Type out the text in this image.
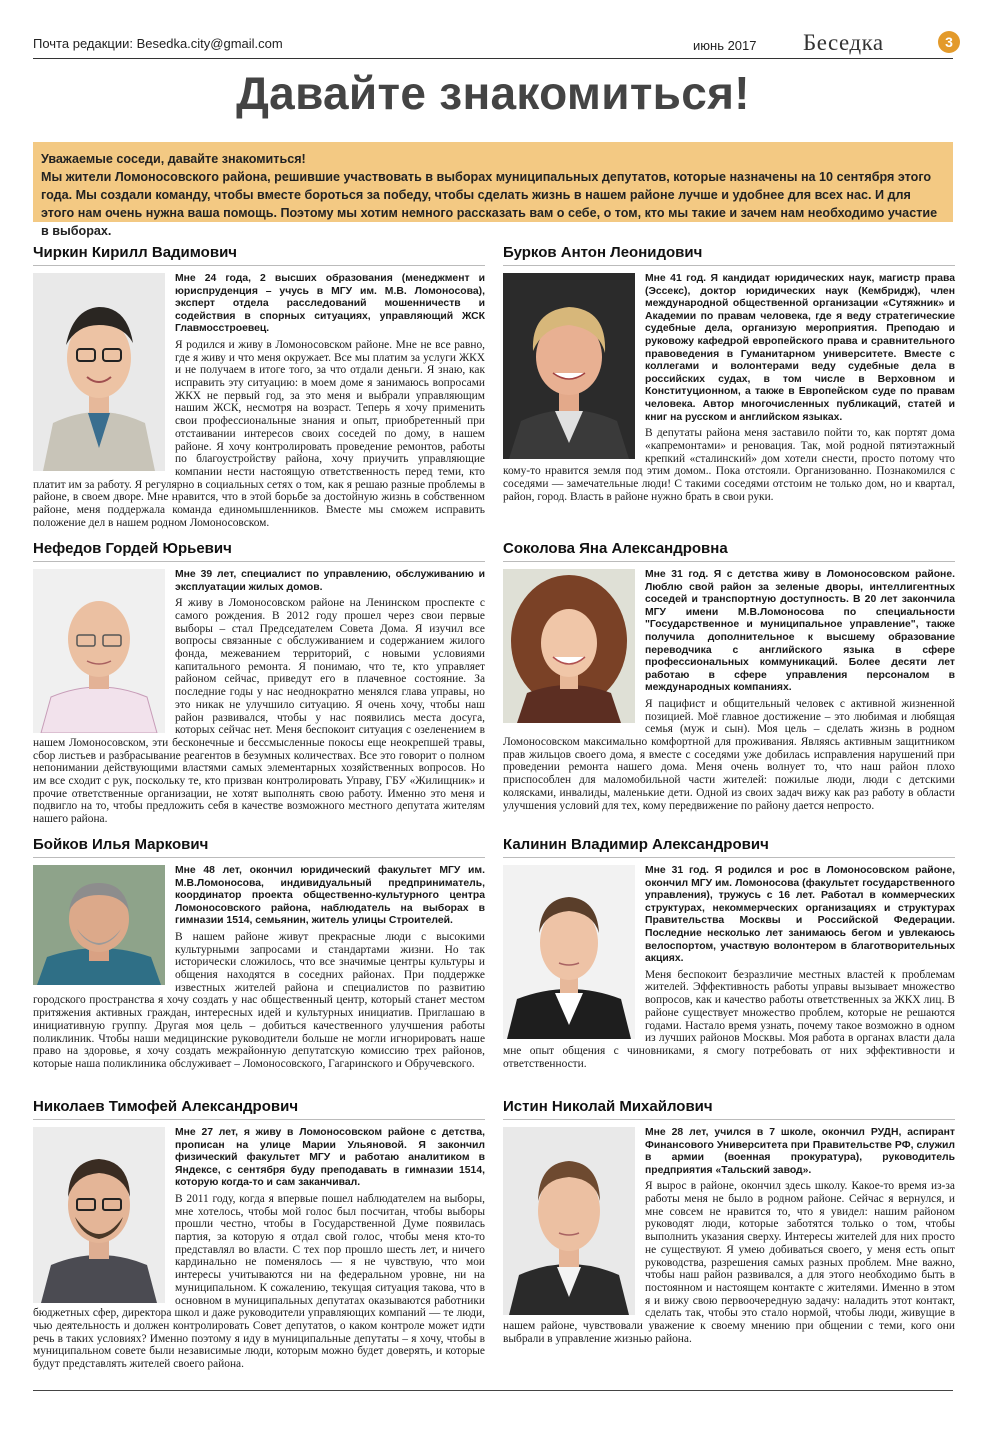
Почта редакции: Besedka.city@gmail.com	июнь 2017 Беседка	3
Давайте знакомиться!
Уважаемые соседи, давайте знакомиться!
Мы жители Ломоносовского района, решившие участвовать в выборах муниципальных депутатов, которые назначены на 10 сентября этого года. Мы создали команду, чтобы вместе бороться за победу, чтобы сделать жизнь в нашем районе лучше и удобнее для всех нас. И для этого нам очень нужна ваша помощь. Поэтому мы хотим немного рассказать вам о себе, о том, кто мы такие и зачем нам необходимо участие в выборах.
Чиркин Кирилл Вадимович

Мне 24 года, 2 высших образования (менеджмент и юриспруденция – учусь в МГУ им. М.В. Ломоносова), эксперт отдела расследований мошенничеств и содействия в спорных ситуациях, управляющий ЖСК Главмосстроевец.

Я родился и живу в Ломоносовском районе. Мне не все равно, где я живу и что меня окружает. Все мы платим за услуги ЖКХ и не получаем в итоге того, за что отдали деньги. Я знаю, как исправить эту ситуацию: в моем доме я занимаюсь вопросами ЖКХ не первый год, за это меня и выбрали управляющим нашим ЖСК, несмотря на возраст. Теперь я хочу применить свои профессиональные знания и опыт, приобретенный при отстаивании интересов своих соседей по дому, в нашем районе. Я хочу контролировать проведение ремонтов, работы по благоустройству района, хочу приучить управляющие компании нести настоящую ответственность перед теми, кто платит им за работу. Я регулярно в социальных сетях о том, как я решаю разные проблемы в районе, в своем дворе. Мне нравится, что в этой борьбе за достойную жизнь в собственном районе, меня поддержала команда единомышленников. Вместе мы сможем исправить положение дел в нашем родном Ломоносовском.

Бурков Антон Леонидович

Мне 41 год. Я кандидат юридических наук, магистр права (Эссекс), доктор юридических наук (Кембридж), член международной общественной организации «Сутяжник» и Академии по правам человека, где я веду стратегические судебные дела, организую мероприятия. Преподаю и руковожу кафедрой европейского права и сравнительного правоведения в Гуманитарном университете. Вместе с коллегами и волонтерами веду судебные дела в российских судах, в том числе в Верховном и Конституционном, а также в Европейском суде по правам человека. Автор многочисленных публикаций, статей и книг на русском и английском языках.

В депутаты района меня заставило пойти то, как портят дома «капремонтами» и реновация. Так, мой родной пятиэтажный крепкий «сталинский» дом хотели снести, просто потому что кому-то нравится земля под этим домом.. Пока отстояли. Организованно. Познакомился с соседями — замечательные люди! С такими соседями отстоим не только дом, но и квартал, район, город. Власть в районе нужно брать в свои руки.

Нефедов Гордей Юрьевич

Мне 39 лет, специалист по управлению, обслуживанию и эксплуатации жилых домов.

Я живу в Ломоносовском районе на Ленинском проспекте с самого рождения. В 2012 году прошел через свои первые выборы – стал Председателем Совета Дома. Я изучил все вопросы связанные с обслуживанием и содержанием жилого фонда, межеванием территорий, с новыми условиями капитального ремонта. Я понимаю, что те, кто управляет районом сейчас, приведут его в плачевное состояние. За последние годы у нас неоднократно менялся глава управы, но это никак не улучшило ситуацию. Я очень хочу, чтобы наш район развивался, чтобы у нас появились места досуга, которых сейчас нет. Меня беспокоит ситуация с озеленением в нашем Ломоносовском, эти бесконечные и бессмысленные покосы еще неокрепшей травы, сбор листьев и разбрасывание реагентов в безумных количествах. Все это говорит о полном непонимании действующими властями самых элементарных хозяйственных вопросов. Но им все сходит с рук, поскольку те, кто призван контролировать Управу, ГБУ «Жилищник» и прочие ответственные организации, не хотят выполнять свою работу. Именно это меня и подвигло на то, чтобы предложить себя в качестве возможного местного депутата жителям нашего района.

Соколова Яна Александровна

Мне 31 год. Я с детства живу в Ломоносовском районе. Люблю свой район за зеленые дворы, интеллигентных соседей и транспортную доступность. В 20 лет закончила МГУ имени М.В.Ломоносова по специальности "Государственное и муниципальное управление", также получила дополнительное к высшему образование переводчика с английского языка в сфере профессиональных коммуникаций. Более десяти лет работаю в сфере управления персоналом в международных компаниях.

Я пацифист и общительный человек с активной жизненной позицией. Моё главное достижение – это любимая и любящая семья (муж и сын). Моя цель – сделать жизнь в родном Ломоносовском максимально комфортной для проживания. Являясь активным защитником прав жильцов своего дома, я вместе с соседями уже добилась исправления нарушений при проведении ремонта нашего дома. Меня очень волнует то, что наш район плохо приспособлен для маломобильной части жителей: пожилые люди, люди с детскими колясками, инвалиды, маленькие дети. Одной из своих задач вижу как раз работу в области улучшения условий для тех, кому передвижение по району дается непросто.

Бойков Илья Маркович

Мне 48 лет, окончил юридический факультет МГУ им. М.В.Ломоносова, индивидуальный предприниматель, координатор проекта общественно-культурного центра Ломоносовского района, наблюдатель на выборах в гимназии 1514, семьянин, житель улицы Строителей.

В нашем районе живут прекрасные люди с высокими культурными запросами и стандартами жизни. Но так исторически сложилось, что все значимые центры культуры и общения находятся в соседних районах. При поддержке известных жителей района и специалистов по развитию городского пространства я хочу создать у нас общественный центр, который станет местом притяжения активных граждан, интересных идей и культурных инициатив. Приглашаю в инициативную группу. Другая моя цель – добиться качественного улучшения работы поликлиник. Чтобы наши медицинские руководители больше не могли игнорировать наше право на здоровье, я хочу создать межрайонную депутатскую комиссию трех районов, которые наша поликлиника обслуживает – Ломоносовского, Гагаринского и Обручевского.

Калинин Владимир Александрович

Мне 31 год. Я родился и рос в Ломоносовском районе, окончил МГУ им. Ломоносова (факультет государственного управления), тружусь с 16 лет. Работал в коммерческих структурах, некоммерческих организациях и структурах Правительства Москвы и Российской Федерации. Последние несколько лет занимаюсь бегом и увлекаюсь велоспортом, участвую волонтером в благотворительных акциях.

Меня беспокоит безразличие местных властей к проблемам жителей. Эффективность работы управы вызывает множество вопросов, как и качество работы ответственных за ЖКХ лиц. В районе существует множество проблем, которые не решаются годами. Настало время узнать, почему такое возможно в одном из лучших районов Москвы. Моя работа в органах власти дала мне опыт общения с чиновниками, я смогу потребовать от них эффективности и ответственности.

Николаев Тимофей Александрович

Мне 27 лет, я живу в Ломоносовском районе с детства, прописан на улице Марии Ульяновой. Я закончил физический факультет МГУ и работаю аналитиком в Яндексе, с сентября буду преподавать в гимназии 1514, которую когда-то и сам заканчивал.

В 2011 году, когда я впервые пошел наблюдателем на выборы, мне хотелось, чтобы мой голос был посчитан, чтобы выборы прошли честно, чтобы в Государственной Думе появилась партия, за которую я отдал свой голос, чтобы меня кто-то представлял во власти. С тех пор прошло шесть лет, и ничего кардинально не поменялось — я не чувствую, что мои интересы учитываются ни на федеральном уровне, ни на муниципальном. К сожалению, текущая ситуация такова, что в основном в муниципальных депутатах оказываются работники бюджетных сфер, директора школ и даже руководители управляющих компаний — те люди, чью деятельность и должен контролировать Совет депутатов, о каком контроле может идти речь в таких условиях? Именно поэтому я иду в муниципальные депутаты – я хочу, чтобы в муниципальном совете были независимые люди, которым можно будет доверять, и которые будут представлять жителей своего района.

Истин Николай Михайлович

Мне 28 лет, учился в 7 школе, окончил РУДН, аспирант Финансового Университета при Правительстве РФ, служил в армии (военная прокуратура), руководитель предприятия «Тальский завод».

Я вырос в районе, окончил здесь школу. Какое-то время из-за работы меня не было в родном районе. Сейчас я вернулся, и мне совсем не нравится то, что я увидел: нашим районом руководят люди, которые заботятся только о том, чтобы выполнить указания сверху. Интересы жителей для них просто не существуют. Я умею добиваться своего, у меня есть опыт руководства, разрешения самых разных проблем. Мне важно, чтобы наш район развивался, а для этого необходимо быть в постоянном и настоящем контакте с жителями. Именно в этом я и вижу свою первоочередную задачу: наладить этот контакт, сделать так, чтобы это стало нормой, чтобы люди, живущие в нашем районе, чувствовали уважение к своему мнению при общении с теми, кого они выбрали в управление жизнью района.
